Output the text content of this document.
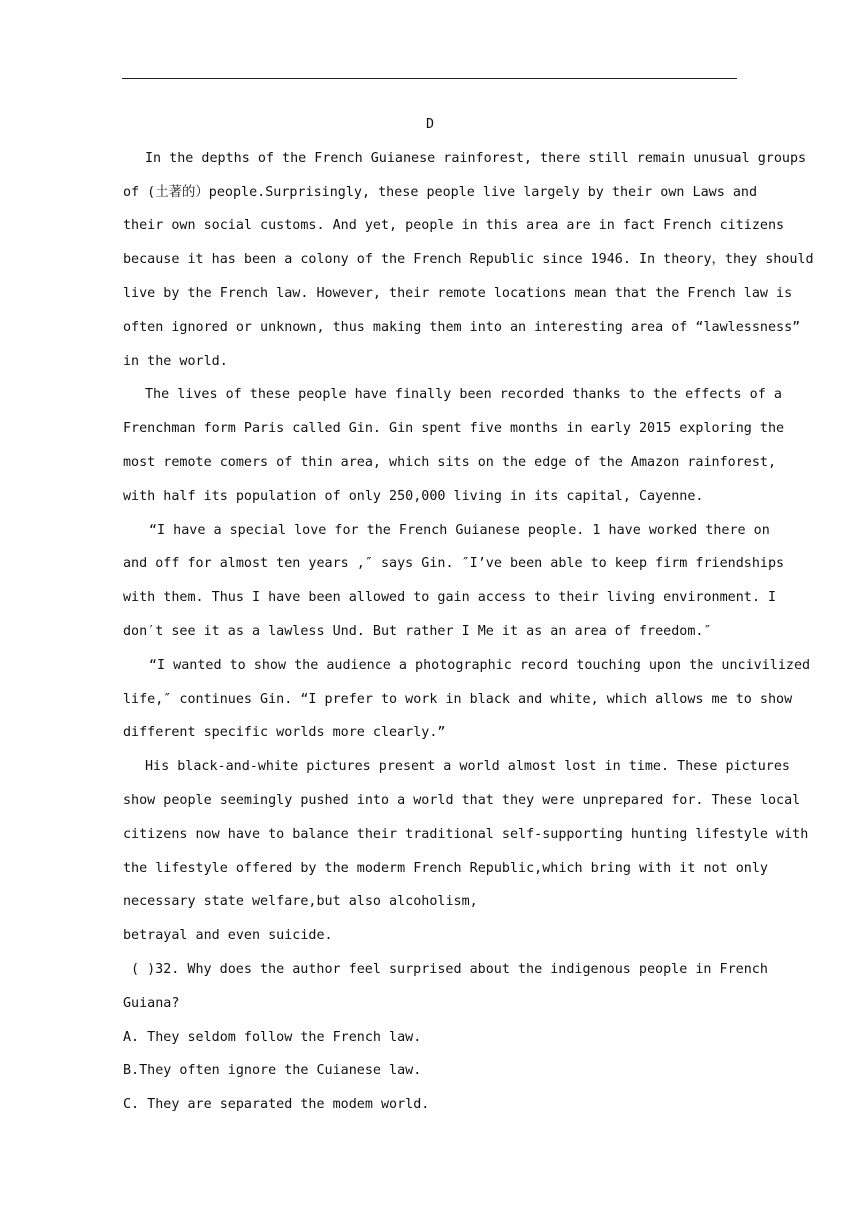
D
In the depths of the French Guianese rainforest, there still remain unusual groups
of (土著的）people.Surprisingly, these people live largely by their own Laws and
their own social customs. And yet, people in this area are in fact French citizens
because it has been a colony of the French Republic since 1946. In theory，they should
live by the French law. However, their remote locations mean that the French law is
often ignored or unknown, thus making them into an interesting area of “lawlessness”
in the world.
The lives of these people have finally been recorded thanks to the effects of a
Frenchman form Paris called Gin. Gin spent five months in early 2015 exploring the
most remote comers of thin area, which sits on the edge of the Amazon rainforest,
with half its population of only 250,000 living in its capital, Cayenne.
“I have a special love for the French Guianese people. 1 have worked there on
and off for almost ten years ,″ says Gin. ″I’ve been able to keep firm friendships
with them. Thus I have been allowed to gain access to their living environment. I
don′t see it as a lawless Und. But rather I Me it as an area of freedom.″
“I wanted to show the audience a photographic record touching upon the uncivilized
life,″ continues Gin. “I prefer to work in black and white, which allows me to show
different specific worlds more clearly.”
His black-and-white pictures present a world almost lost in time. These pictures
show people seemingly pushed into a world that they were unprepared for. These local
citizens now have to balance their traditional self-supporting hunting lifestyle with
the lifestyle offered by the moderm French Republic,which bring with it not only
necessary state welfare,but also alcoholism,
betrayal and even suicide.
( )32. Why does the author feel surprised about the indigenous people in French
Guiana?
A. They seldom follow the French law.
B.They often ignore the Cuianese law.
C. They are separated the modem world.
